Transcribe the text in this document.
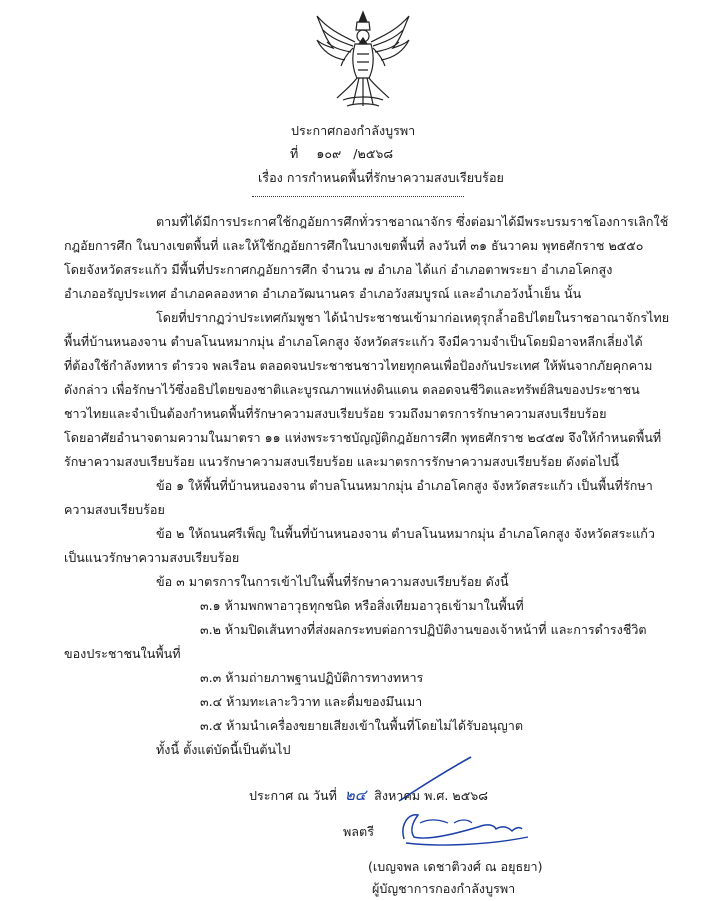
ประกาศกองกำลังบูรพา
ที่ ๑๐๙ /๒๕๖๘
เรื่อง การกำหนดพื้นที่รักษาความสงบเรียบร้อย
ตามที่ได้มีการประกาศใช้กฎอัยการศึกทั่วราชอาณาจักร ซึ่งต่อมาได้มีพระบรมราชโองการเลิกใช้
กฎอัยการศึก ในบางเขตพื้นที่ และให้ใช้กฎอัยการศึกในบางเขตพื้นที่ ลงวันที่ ๓๑ ธันวาคม พุทธศักราช ๒๕๕๐
โดยจังหวัดสระแก้ว มีพื้นที่ประกาศกฎอัยการศึก จำนวน ๗ อำเภอ ได้แก่ อำเภอตาพระยา อำเภอโคกสูง
อำเภออรัญประเทศ อำเภอคลองหาด อำเภอวัฒนานคร อำเภอวังสมบูรณ์ และอำเภอวังน้ำเย็น นั้น
โดยที่ปรากฏว่าประเทศกัมพูชา ได้นำประชาชนเข้ามาก่อเหตุรุกล้ำอธิปไตยในราชอาณาจักรไทย
พื้นที่บ้านหนองจาน ตำบลโนนหมากมุ่น อำเภอโคกสูง จังหวัดสระแก้ว จึงมีความจำเป็นโดยมิอาจหลีกเลี่ยงได้
ที่ต้องใช้กำลังทหาร ตำรวจ พลเรือน ตลอดจนประชาชนชาวไทยทุกคนเพื่อป้องกันประเทศ ให้พ้นจากภัยคุกคาม
ดังกล่าว เพื่อรักษาไว้ซึ่งอธิปไตยของชาติและบูรณภาพแห่งดินแดน ตลอดจนชีวิตและทรัพย์สินของประชาชน
ชาวไทยและจำเป็นต้องกำหนดพื้นที่รักษาความสงบเรียบร้อย รวมถึงมาตรการรักษาความสงบเรียบร้อย
โดยอาศัยอำนาจตามความในมาตรา ๑๑ แห่งพระราชบัญญัติกฎอัยการศึก พุทธศักราช ๒๔๕๗ จึงให้กำหนดพื้นที่
รักษาความสงบเรียบร้อย แนวรักษาความสงบเรียบร้อย และมาตรการรักษาความสงบเรียบร้อย ดังต่อไปนี้
ข้อ ๑ ให้พื้นที่บ้านหนองจาน ตำบลโนนหมากมุ่น อำเภอโคกสูง จังหวัดสระแก้ว เป็นพื้นที่รักษา
ความสงบเรียบร้อย
ข้อ ๒ ให้ถนนศรีเพ็ญ ในพื้นที่บ้านหนองจาน ตำบลโนนหมากมุ่น อำเภอโคกสูง จังหวัดสระแก้ว
เป็นแนวรักษาความสงบเรียบร้อย
ข้อ ๓ มาตรการในการเข้าไปในพื้นที่รักษาความสงบเรียบร้อย ดังนี้
๓.๑ ห้ามพกพาอาวุธทุกชนิด หรือสิ่งเทียมอาวุธเข้ามาในพื้นที่
๓.๒ ห้ามปิดเส้นทางที่ส่งผลกระทบต่อการปฏิบัติงานของเจ้าหน้าที่ และการดำรงชีวิต
ของประชาชนในพื้นที่
๓.๓ ห้ามถ่ายภาพฐานปฏิบัติการทางทหาร
๓.๔ ห้ามทะเลาะวิวาท และดื่มของมึนเมา
๓.๕ ห้ามนำเครื่องขยายเสียงเข้าในพื้นที่โดยไม่ได้รับอนุญาต
ทั้งนี้ ตั้งแต่บัดนี้เป็นต้นไป
ประกาศ ณ วันที่ ๒๔ สิงหาคม พ.ศ. ๒๕๖๘
พลตรี
(เบญจพล เดชาติวงศ์ ณ อยุธยา)
ผู้บัญชาการกองกำลังบูรพา
